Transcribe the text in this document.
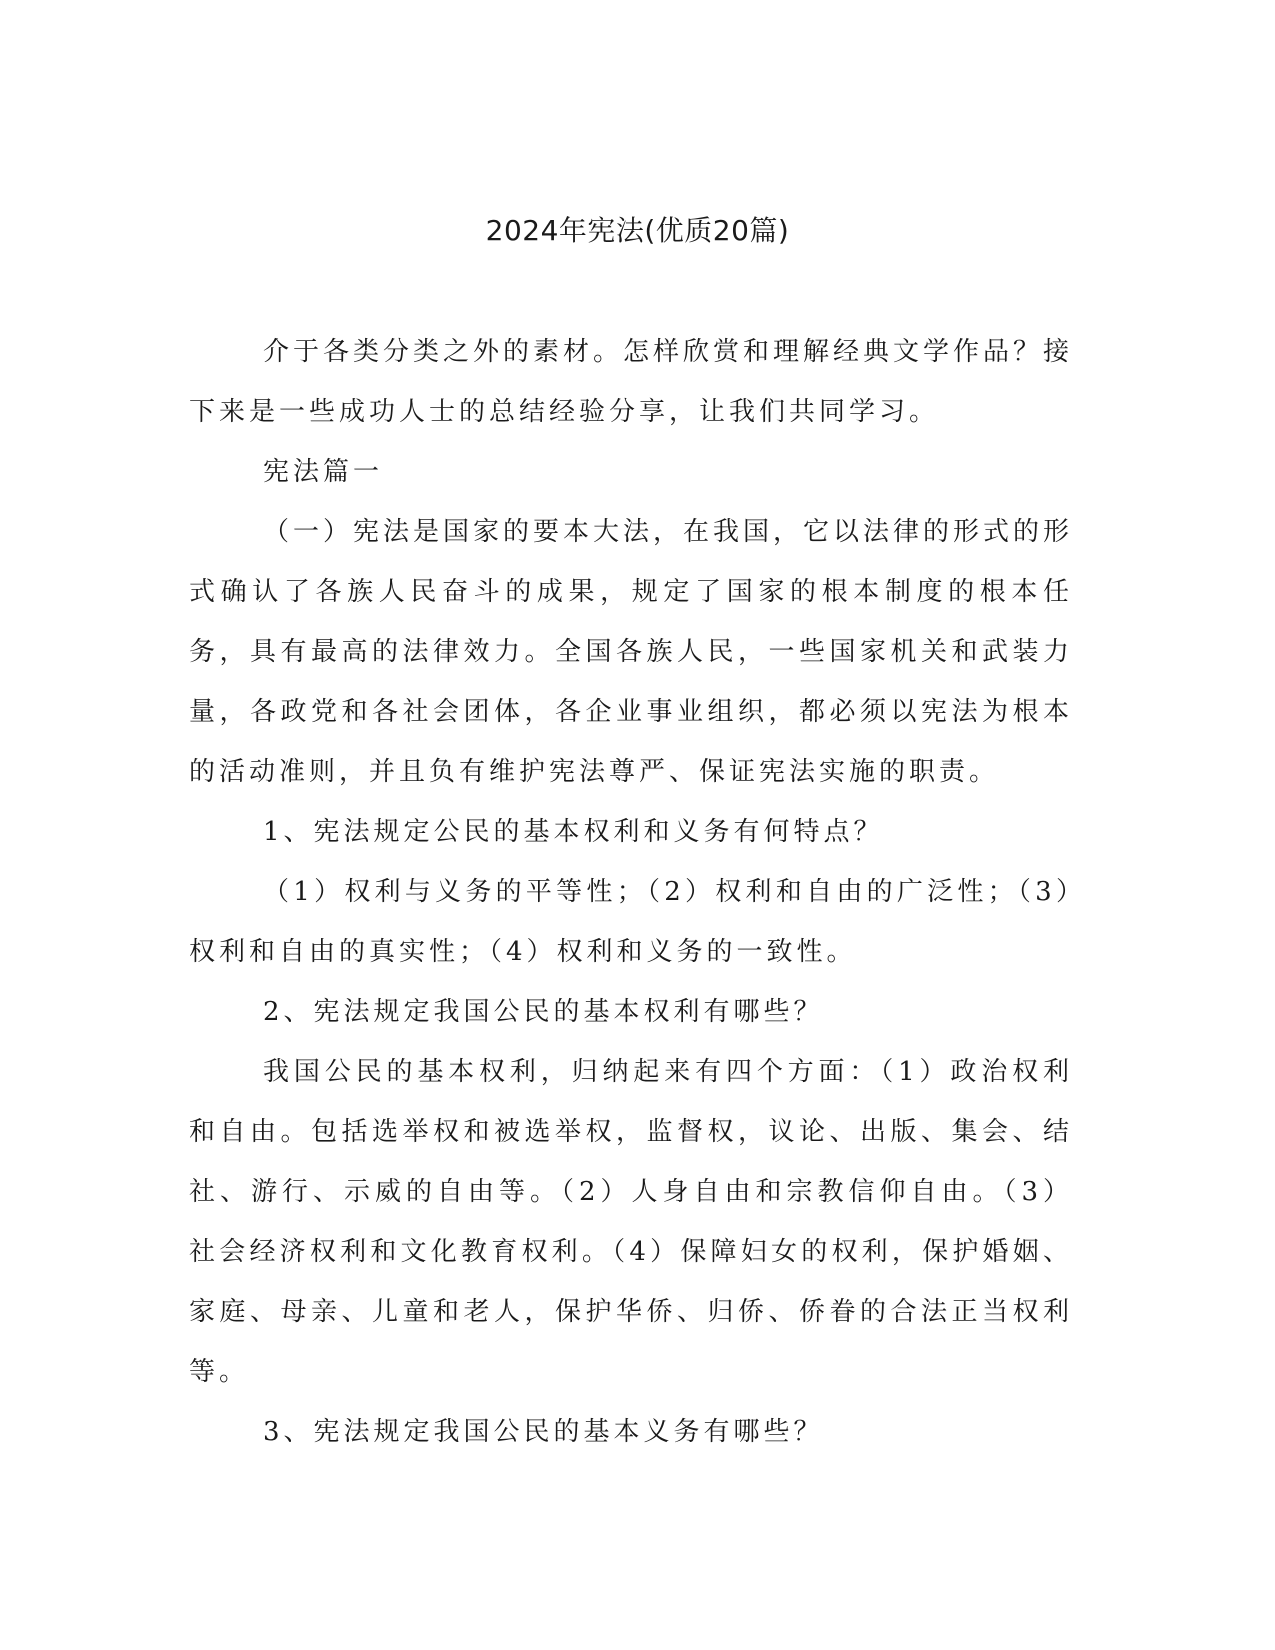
2024年宪法(优质20篇)

介于各类分类之外的素材。怎样欣赏和理解经典文学作品？接下来是一些成功人士的总结经验分享，让我们共同学习。

宪法篇一

（一）宪法是国家的要本大法，在我国，它以法律的形式的形式确认了各族人民奋斗的成果，规定了国家的根本制度的根本任务，具有最高的法律效力。全国各族人民，一些国家机关和武装力量，各政党和各社会团体，各企业事业组织，都必须以宪法为根本的活动准则，并且负有维护宪法尊严、保证宪法实施的职责。

1、宪法规定公民的基本权利和义务有何特点？

（1）权利与义务的平等性；（2）权利和自由的广泛性；（3）权利和自由的真实性；（4）权利和义务的一致性。

2、宪法规定我国公民的基本权利有哪些？

我国公民的基本权利，归纳起来有四个方面：（1）政治权利和自由。包括选举权和被选举权，监督权，议论、出版、集会、结社、游行、示威的自由等。（2）人身自由和宗教信仰自由。（3）社会经济权利和文化教育权利。（4）保障妇女的权利，保护婚姻、家庭、母亲、儿童和老人，保护华侨、归侨、侨眷的合法正当权利等。

3、宪法规定我国公民的基本义务有哪些？
